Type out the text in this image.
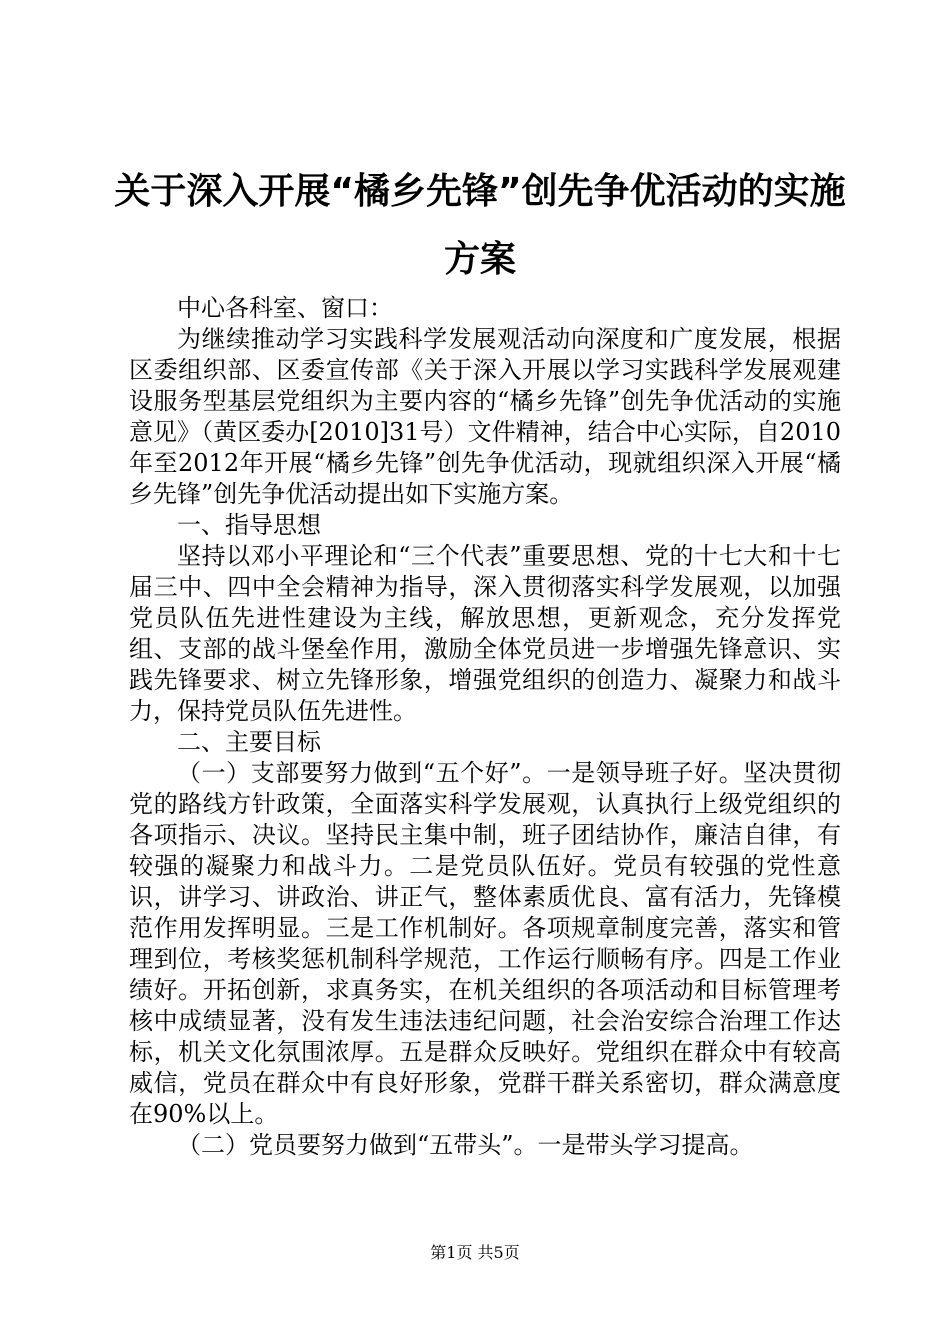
关于深入开展“橘乡先锋”创先争优活动的实施方案

中心各科室、窗口：

为继续推动学习实践科学发展观活动向深度和广度发展，根据区委组织部、区委宣传部《关于深入开展以学习实践科学发展观建设服务型基层党组织为主要内容的“橘乡先锋”创先争优活动的实施意见》（黄区委办[2010]31号）文件精神，结合中心实际，自2010年至2012年开展“橘乡先锋”创先争优活动，现就组织深入开展“橘乡先锋”创先争优活动提出如下实施方案。

一、指导思想

坚持以邓小平理论和“三个代表”重要思想、党的十七大和十七届三中、四中全会精神为指导，深入贯彻落实科学发展观，以加强党员队伍先进性建设为主线，解放思想，更新观念，充分发挥党组、支部的战斗堡垒作用，激励全体党员进一步增强先锋意识、实践先锋要求、树立先锋形象，增强党组织的创造力、凝聚力和战斗力，保持党员队伍先进性。

二、主要目标

（一）支部要努力做到“五个好”。一是领导班子好。坚决贯彻党的路线方针政策，全面落实科学发展观，认真执行上级党组织的各项指示、决议。坚持民主集中制，班子团结协作，廉洁自律，有较强的凝聚力和战斗力。二是党员队伍好。党员有较强的党性意识，讲学习、讲政治、讲正气，整体素质优良、富有活力，先锋模范作用发挥明显。三是工作机制好。各项规章制度完善，落实和管理到位，考核奖惩机制科学规范，工作运行顺畅有序。四是工作业绩好。开拓创新，求真务实，在机关组织的各项活动和目标管理考核中成绩显著，没有发生违法违纪问题，社会治安综合治理工作达标，机关文化氛围浓厚。五是群众反映好。党组织在群众中有较高威信，党员在群众中有良好形象，党群干群关系密切，群众满意度在90%以上。

（二）党员要努力做到“五带头”。一是带头学习提高。

第1页 共5页
